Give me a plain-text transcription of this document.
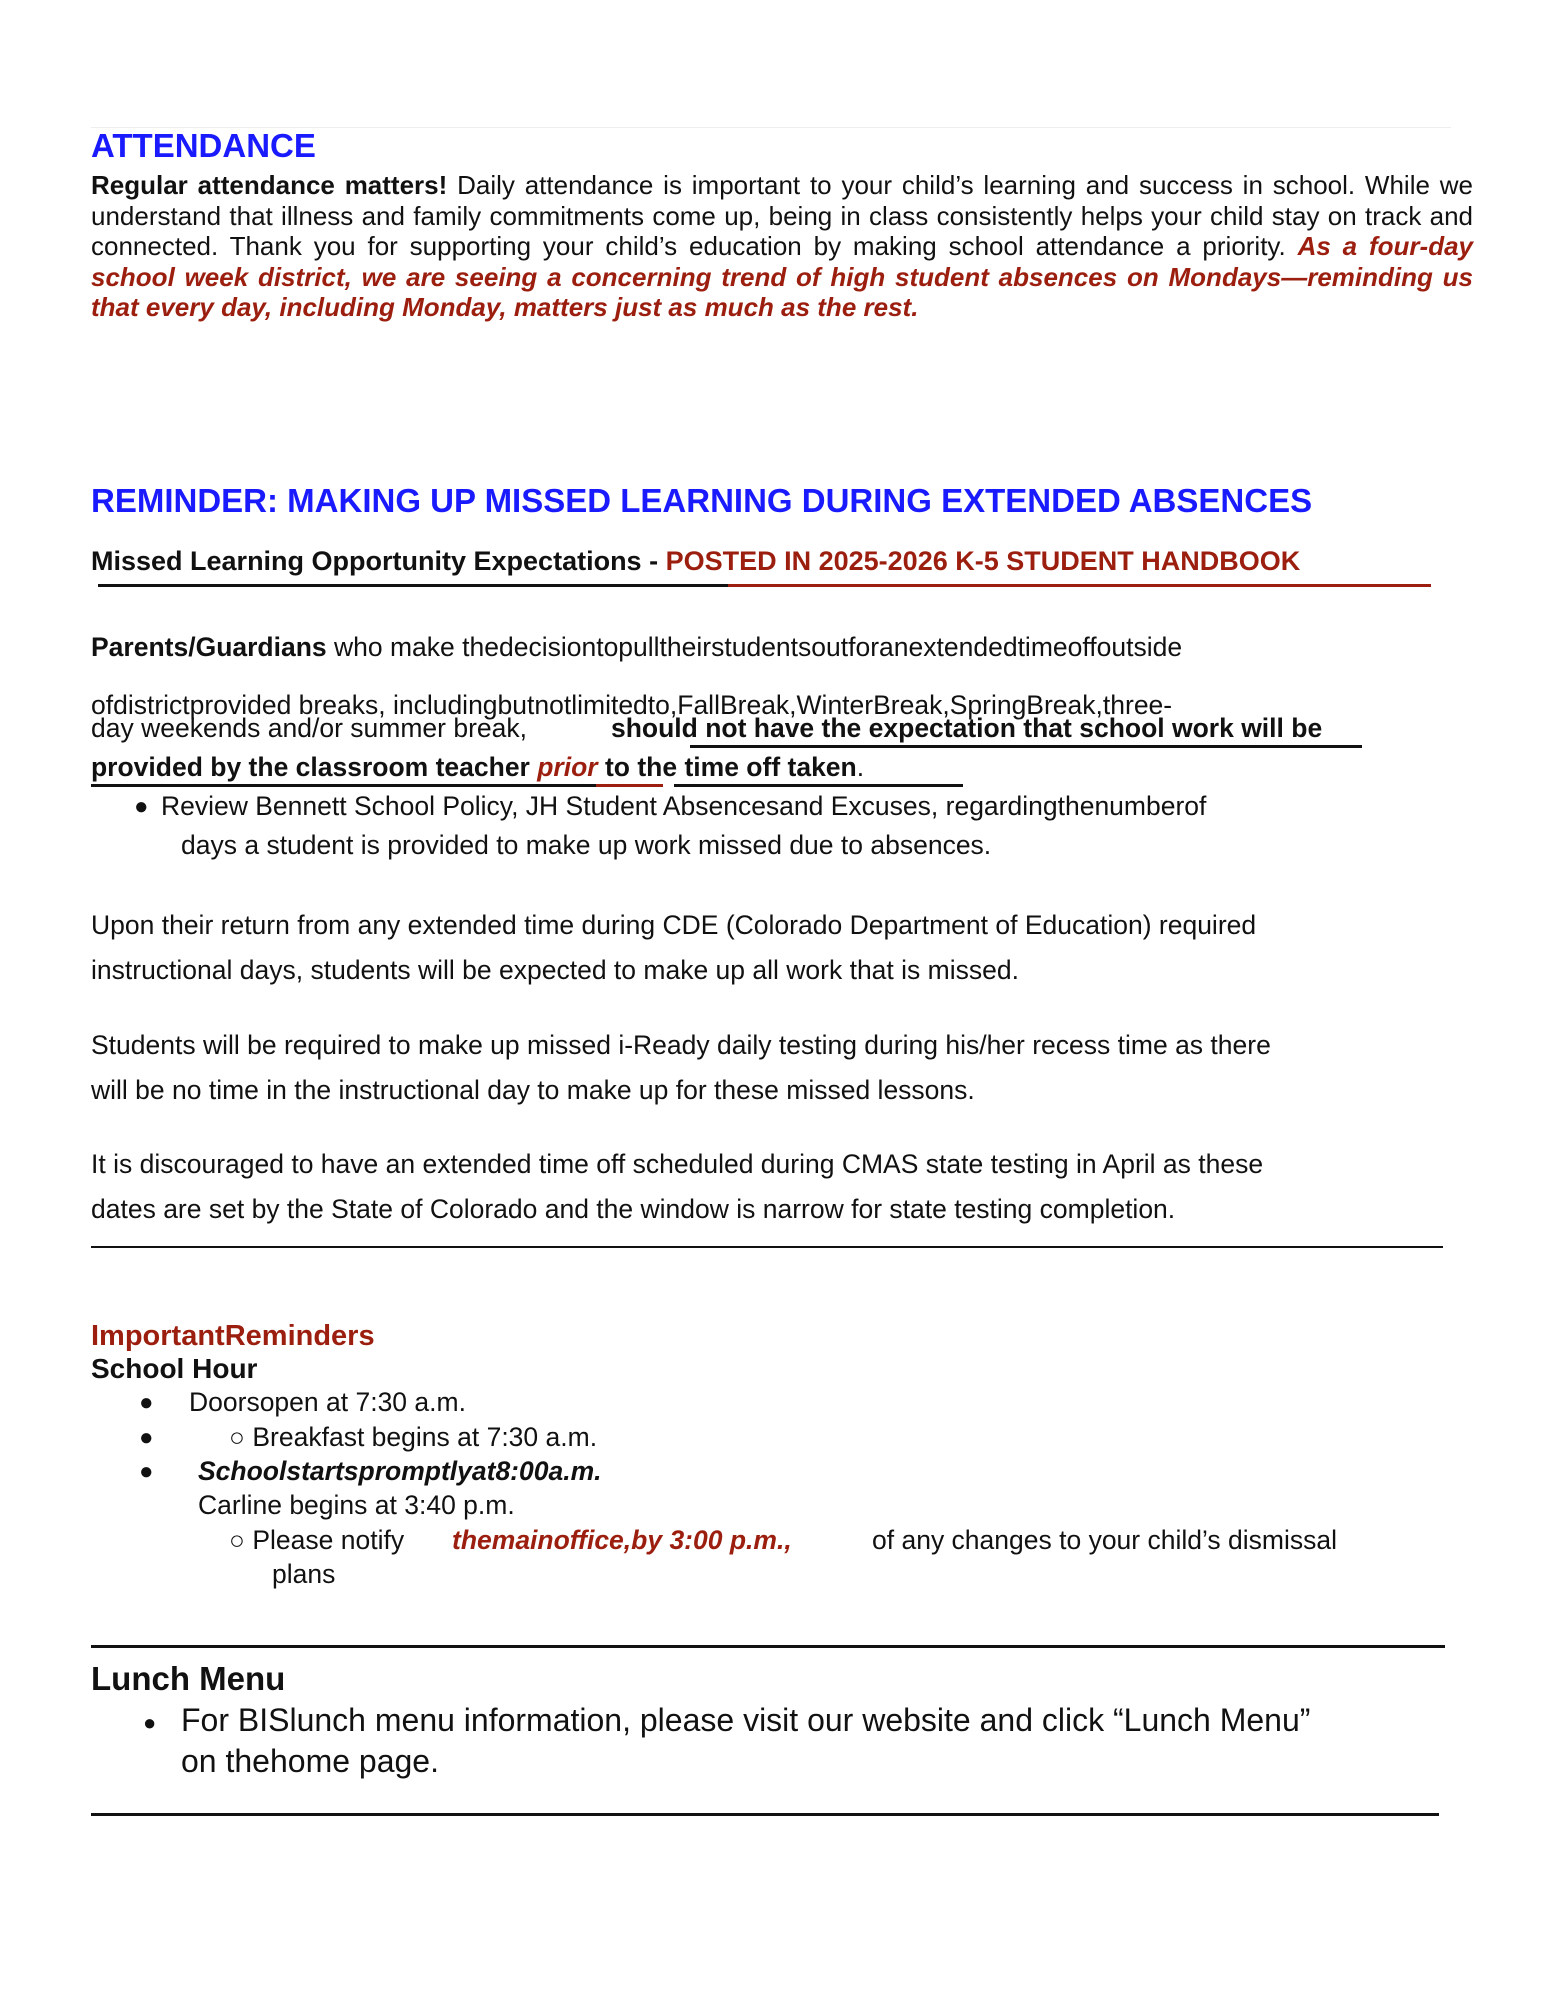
ATTENDANCE
Regular attendance matters! Daily attendance is important to your child’s learning and success in school. While we understand that illness and family commitments come up, being in class consistently helps your child stay on track and connected. Thank you for supporting your child’s education by making school attendance a priority. As a four-day school week district, we are seeing a concerning trend of high student absences on Mondays—reminding us that every day, including Monday, matters just as much as the rest.
REMINDER: MAKING UP MISSED LEARNING DURING EXTENDED ABSENCES
Missed Learning Opportunity Expectations - POSTED IN 2025-2026 K-5 STUDENT HANDBOOK
Parents/Guardians who make thedecisiontopulltheirstudentsoutforanextendedtimeoffoutside
ofdistrictprovided breaks, includingbutnotlimitedto,FallBreak,WinterBreak,SpringBreak,three-
day weekends and/or summer break,	should not have the expectation that school work will be
provided by the classroom teacher prior to the time off taken.
● Review Bennett School Policy, JH Student Absencesand Excuses, regardingthenumberof
days a student is provided to make up work missed due to absences.
Upon their return from any extended time during CDE (Colorado Department of Education) required
instructional days, students will be expected to make up all work that is missed.
Students will be required to make up missed i-Ready daily testing during his/her recess time as there
will be no time in the instructional day to make up for these missed lessons.
It is discouraged to have an extended time off scheduled during CMAS state testing in April as these
dates are set by the State of Colorado and the window is narrow for state testing completion.
ImportantReminders
School Hour
● Doorsopen at 7:30 a.m.
●	○ Breakfast begins at 7:30 a.m.
● Schoolstartspromptlyat8:00a.m.
Carline begins at 3:40 p.m.
○ Please notify themainoffice,by 3:00 p.m.,	of any changes to your child’s dismissal
plans
Lunch Menu
● For BISlunch menu information, please visit our website and click “Lunch Menu”
on thehome page.
